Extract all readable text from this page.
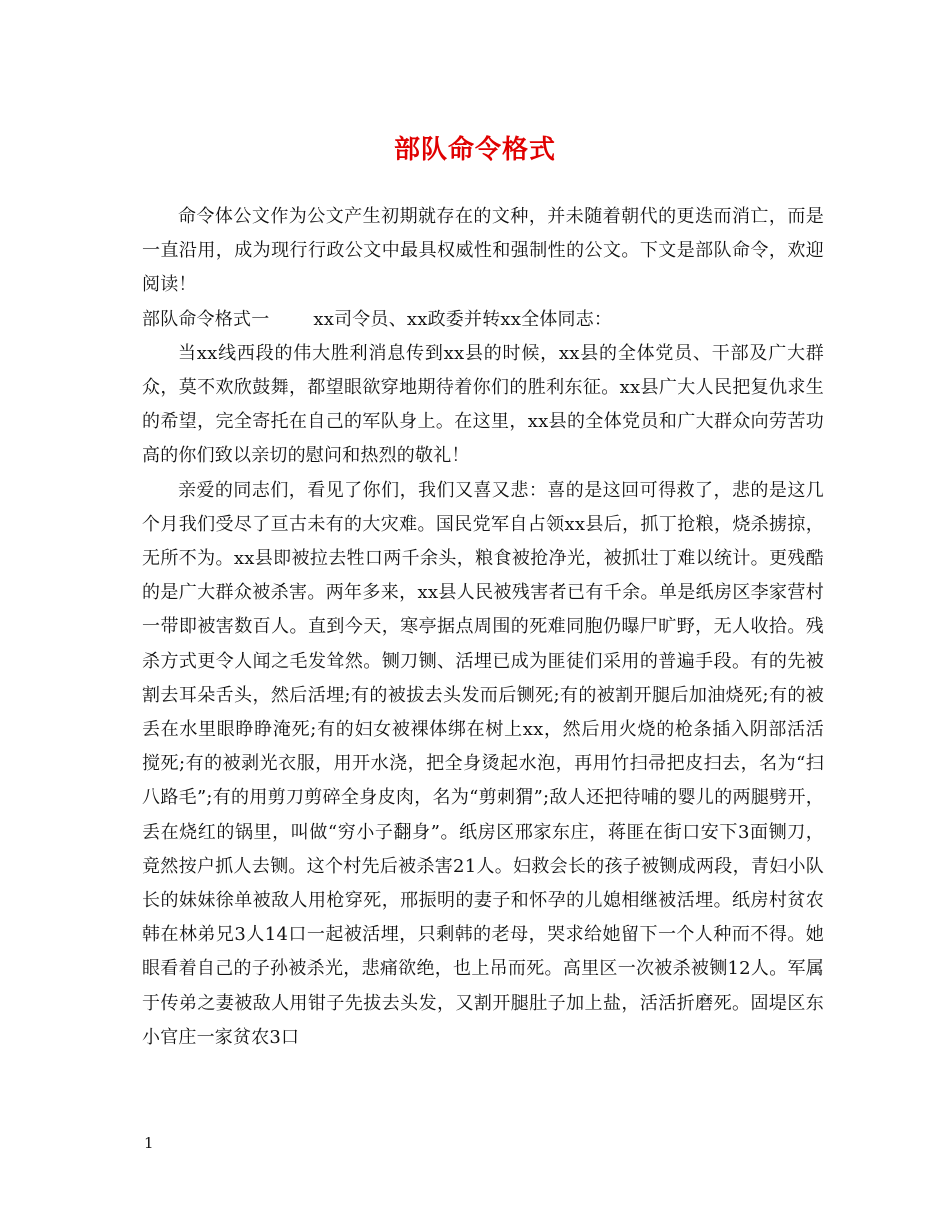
部队命令格式

命令体公文作为公文产生初期就存在的文种，并未随着朝代的更迭而消亡，而是一直沿用，成为现行行政公文中最具权威性和强制性的公文。下文是部队命令，欢迎阅读！

部队命令格式一 xx司令员、xx政委并转xx全体同志：

当xx线西段的伟大胜利消息传到xx县的时候，xx县的全体党员、干部及广大群众，莫不欢欣鼓舞，都望眼欲穿地期待着你们的胜利东征。xx县广大人民把复仇求生的希望，完全寄托在自己的军队身上。在这里，xx县的全体党员和广大群众向劳苦功高的你们致以亲切的慰问和热烈的敬礼！

亲爱的同志们，看见了你们，我们又喜又悲：喜的是这回可得救了，悲的是这几个月我们受尽了亘古未有的大灾难。国民党军自占领xx县后，抓丁抢粮，烧杀掳掠，无所不为。xx县即被拉去牲口两千余头，粮食被抢净光，被抓壮丁难以统计。更残酷的是广大群众被杀害。两年多来，xx县人民被残害者已有千余。单是纸房区李家营村一带即被害数百人。直到今天，寒亭据点周围的死难同胞仍曝尸旷野，无人收拾。残杀方式更令人闻之毛发耸然。铡刀铡、活埋已成为匪徒们采用的普遍手段。有的先被割去耳朵舌头，然后活埋;有的被拔去头发而后铡死;有的被割开腿后加油烧死;有的被丢在水里眼睁睁淹死;有的妇女被裸体绑在树上xx，然后用火烧的枪条插入阴部活活搅死;有的被剥光衣服，用开水浇，把全身烫起水泡，再用竹扫帚把皮扫去，名为“扫八路毛”;有的用剪刀剪碎全身皮肉，名为“剪刺猬”;敌人还把待哺的婴儿的两腿劈开，丢在烧红的锅里，叫做“穷小子翻身”。纸房区邢家东庄，蒋匪在街口安下3面铡刀，竟然按户抓人去铡。这个村先后被杀害21人。妇救会长的孩子被铡成两段，青妇小队长的妹妹徐单被敌人用枪穿死，邢振明的妻子和怀孕的儿媳相继被活埋。纸房村贫农韩在林弟兄3人14口一起被活埋，只剩韩的老母，哭求给她留下一个人种而不得。她眼看着自己的子孙被杀光，悲痛欲绝，也上吊而死。高里区一次被杀被铡12人。军属于传弟之妻被敌人用钳子先拔去头发，又割开腿肚子加上盐，活活折磨死。固堤区东小官庄一家贫农3口

1
